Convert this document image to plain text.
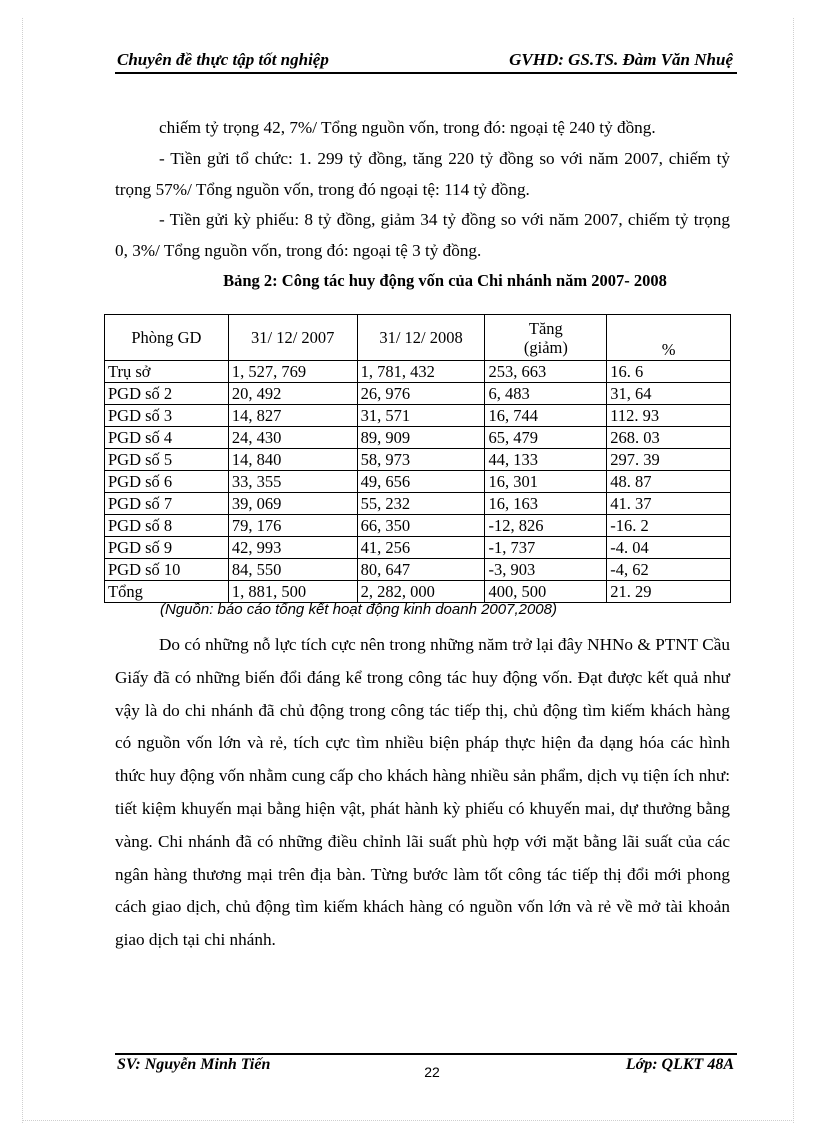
Chuyên đề thực tập tốt nghiệp	GVHD: GS.TS. Đàm Văn Nhuệ
chiếm tỷ trọng 42, 7%/ Tổng nguồn vốn, trong đó: ngoại tệ 240 tỷ đồng.
- Tiền gửi tổ chức: 1. 299 tỷ đồng, tăng 220 tỷ đồng so với năm 2007, chiếm tỷ trọng 57%/ Tổng nguồn vốn, trong đó ngoại tệ: 114 tỷ đồng.
- Tiền gửi kỳ phiếu: 8 tỷ đồng, giảm 34 tỷ đồng so với năm 2007, chiếm tỷ trọng 0, 3%/ Tổng nguồn vốn, trong đó: ngoại tệ 3 tỷ đồng.
Bảng 2: Công tác huy động vốn của Chi nhánh năm 2007- 2008
Phòng GD	31/ 12/ 2007	31/ 12/ 2008	Tăng (giảm)	%
Trụ sở	1, 527, 769	1, 781, 432	253, 663	16. 6
PGD số 2	20, 492	26, 976	6, 483	31, 64
PGD số 3	14, 827	31, 571	16, 744	112. 93
PGD số 4	24, 430	89, 909	65, 479	268. 03
PGD số 5	14, 840	58, 973	44, 133	297. 39
PGD số 6	33, 355	49, 656	16, 301	48. 87
PGD số 7	39, 069	55, 232	16, 163	41. 37
PGD số 8	79, 176	66, 350	-12, 826	-16. 2
PGD số 9	42, 993	41, 256	-1, 737	-4. 04
PGD số 10	84, 550	80, 647	-3, 903	-4, 62
Tổng	1, 881, 500	2, 282, 000	400, 500	21. 29
(Nguồn: báo cáo tổng kết hoạt động kinh doanh 2007,2008)
Do có những nỗ lực tích cực nên trong những năm trở lại đây NHNo & PTNT Cầu Giấy đã có những biến đổi đáng kể trong công tác huy động vốn. Đạt được kết quả như vậy là do chi nhánh đã chủ động trong công tác tiếp thị, chủ động tìm kiếm khách hàng có nguồn vốn lớn và rẻ, tích cực tìm nhiều biện pháp thực hiện đa dạng hóa các hình thức huy động vốn nhằm cung cấp cho khách hàng nhiều sản phẩm, dịch vụ tiện ích như: tiết kiệm khuyến mại bằng hiện vật, phát hành kỳ phiếu có khuyến mai, dự thưởng bằng vàng. Chi nhánh đã có những điều chỉnh lãi suất phù hợp với mặt bằng lãi suất của các ngân hàng thương mại trên địa bàn. Từng bước làm tốt công tác tiếp thị đổi mới phong cách giao dịch, chủ động tìm kiếm khách hàng có nguồn vốn lớn và rẻ về mở tài khoản giao dịch tại chi nhánh.
SV: Nguyễn Minh Tiến	22	Lớp: QLKT 48A
